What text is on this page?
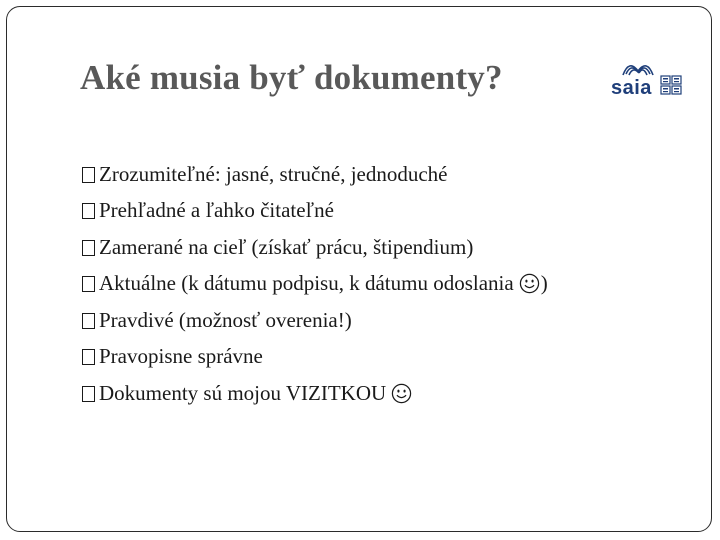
Aké musia byť dokumenty?	saia
Zrozumiteľné: jasné, stručné, jednoduché
Prehľadné a ľahko čitateľné
Zamerané na cieľ (získať prácu, štipendium)
Aktuálne (k dátumu podpisu, k dátumu odoslania )
Pravdivé (možnosť overenia!)
Pravopisne správne
Dokumenty sú mojou VIZITKOU
